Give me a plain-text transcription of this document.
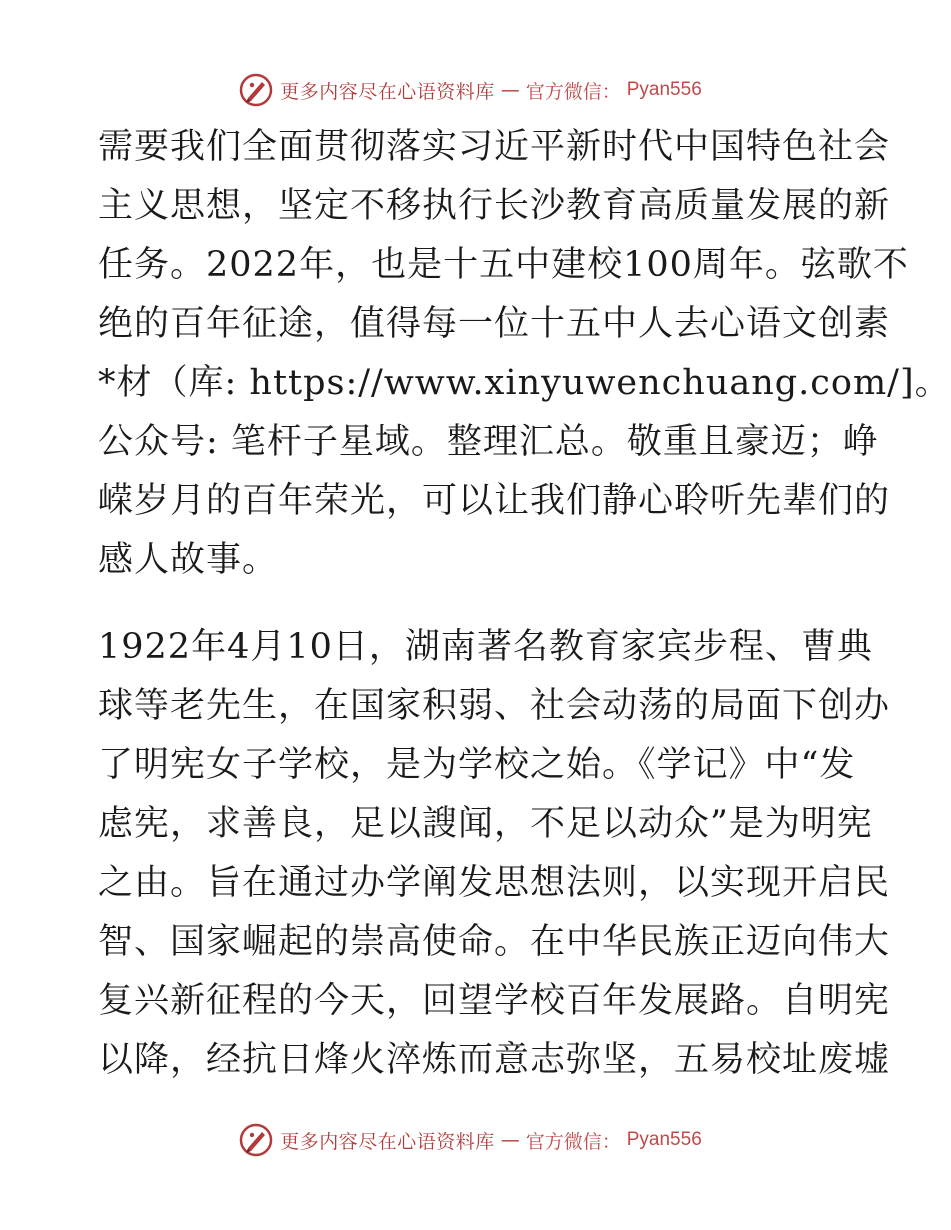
更多内容尽在心语资料库 — 官方微信： Pyan556
需要我们全面贯彻落实习近平新时代中国特色社会
主义思想，坚定不移执行长沙教育高质量发展的新
任务。2022年，也是十五中建校100周年。弦歌不
绝的百年征途，值得每一位十五中人去心语文创素
*材（库: https://www.xinyuwenchuang.com/]。
公众号: 笔杆子星域。整理汇总。敬重且豪迈；峥
嵘岁月的百年荣光，可以让我们静心聆听先辈们的
感人故事。
1922年4月10日，湖南著名教育家宾步程、曹典
球等老先生，在国家积弱、社会动荡的局面下创办
了明宪女子学校，是为学校之始。《学记》中“发
虑宪，求善良，足以謏闻，不足以动众”是为明宪
之由。旨在通过办学阐发思想法则，以实现开启民
智、国家崛起的崇高使命。在中华民族正迈向伟大
复兴新征程的今天，回望学校百年发展路。自明宪
以降，经抗日烽火淬炼而意志弥坚，五易校址废墟
更多内容尽在心语资料库 — 官方微信： Pyan556
